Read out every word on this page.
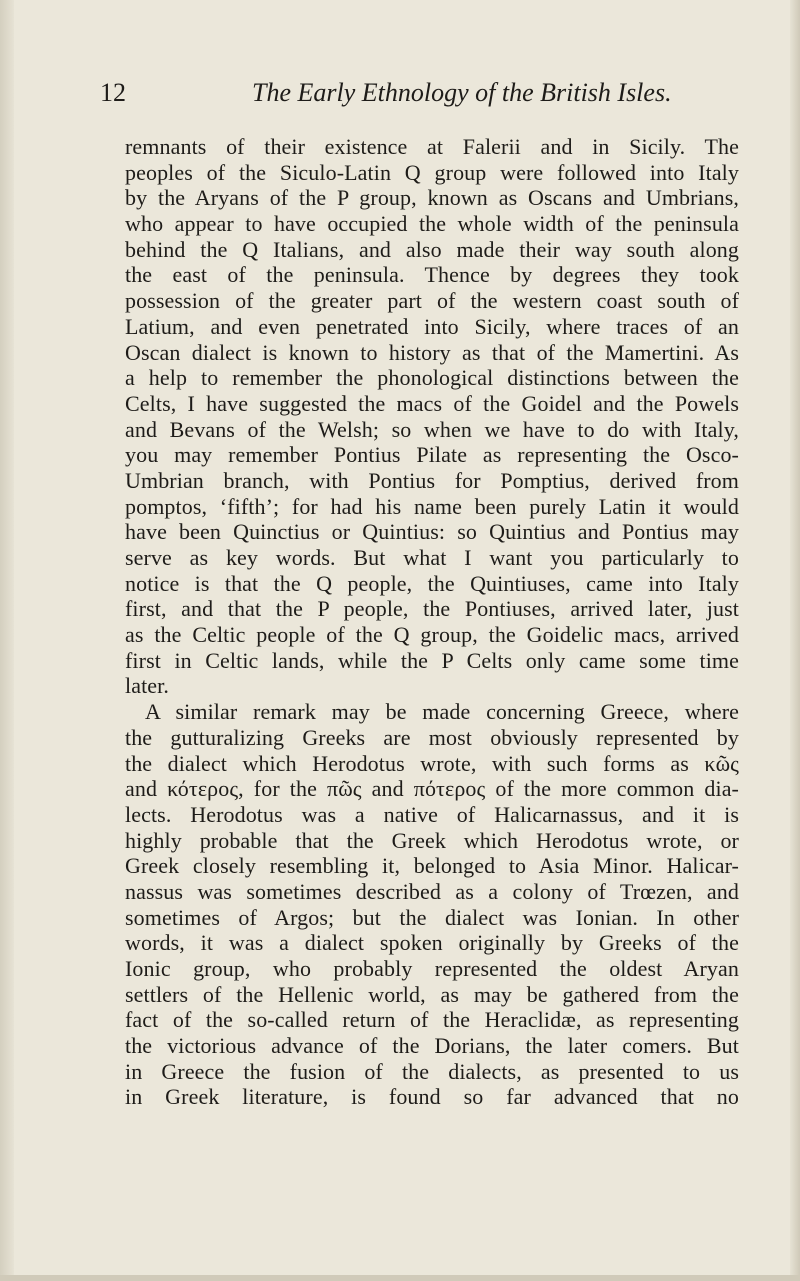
12	The Early Ethnology of the British Isles.
remnants of their existence at Falerii and in Sicily. The
peoples of the Siculo-Latin Q group were followed into Italy
by the Aryans of the P group, known as Oscans and Umbrians,
who appear to have occupied the whole width of the peninsula
behind the Q Italians, and also made their way south along
the east of the peninsula. Thence by degrees they took
possession of the greater part of the western coast south of
Latium, and even penetrated into Sicily, where traces of an
Oscan dialect is known to history as that of the Mamertini. As
a help to remember the phonological distinctions between the
Celts, I have suggested the macs of the Goidel and the Powels
and Bevans of the Welsh; so when we have to do with Italy,
you may remember Pontius Pilate as representing the Osco-
Umbrian branch, with Pontius for Pomptius, derived from
pomptos, ‘fifth’; for had his name been purely Latin it would
have been Quinctius or Quintius: so Quintius and Pontius may
serve as key words. But what I want you particularly to
notice is that the Q people, the Quintiuses, came into Italy
first, and that the P people, the Pontiuses, arrived later, just
as the Celtic people of the Q group, the Goidelic macs, arrived
first in Celtic lands, while the P Celts only came some time
later.
A similar remark may be made concerning Greece, where
the gutturalizing Greeks are most obviously represented by
the dialect which Herodotus wrote, with such forms as κῶς
and κότερος, for the πῶς and πότερος of the more common dia-
lects. Herodotus was a native of Halicarnassus, and it is
highly probable that the Greek which Herodotus wrote, or
Greek closely resembling it, belonged to Asia Minor. Halicar-
nassus was sometimes described as a colony of Trœzen, and
sometimes of Argos; but the dialect was Ionian. In other
words, it was a dialect spoken originally by Greeks of the
Ionic group, who probably represented the oldest Aryan
settlers of the Hellenic world, as may be gathered from the
fact of the so-called return of the Heraclidæ, as representing
the victorious advance of the Dorians, the later comers. But
in Greece the fusion of the dialects, as presented to us
in Greek literature, is found so far advanced that no
